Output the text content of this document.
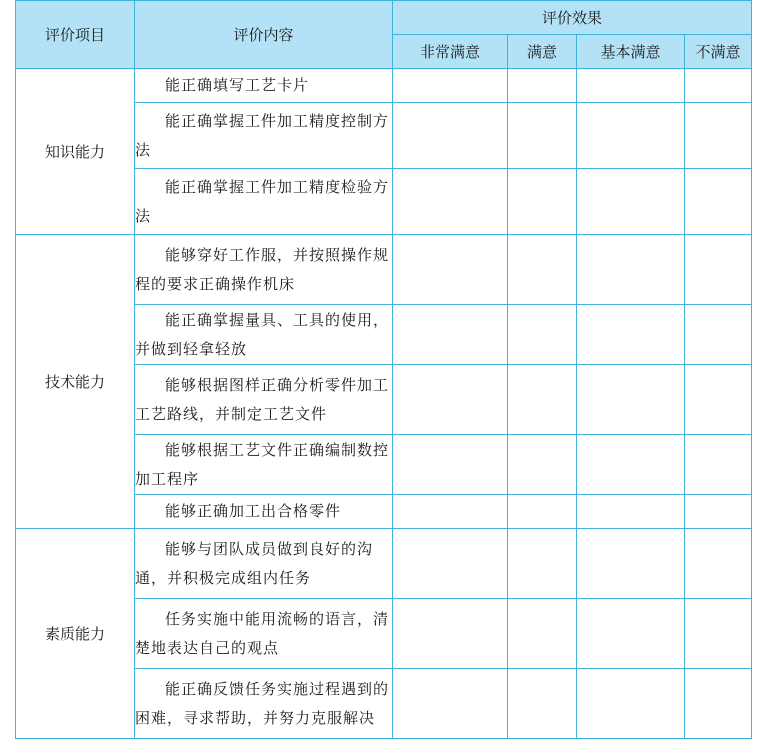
评价项目	评价内容	评价效果			
		非常满意	满意	基本满意	不满意
知识能力	能正确填写工艺卡片				
	能正确掌握工件加工精度控制方法				
	能正确掌握工件加工精度检验方法				
技术能力	能够穿好工作服，并按照操作规程的要求正确操作机床				
	能正确掌握量具、工具的使用，并做到轻拿轻放				
	能够根据图样正确分析零件加工工艺路线，并制定工艺文件				
	能够根据工艺文件正确编制数控加工程序				
	能够正确加工出合格零件				
素质能力	能够与团队成员做到良好的沟通，并积极完成组内任务				
	任务实施中能用流畅的语言，清楚地表达自己的观点				
	能正确反馈任务实施过程遇到的困难，寻求帮助，并努力克服解决				
